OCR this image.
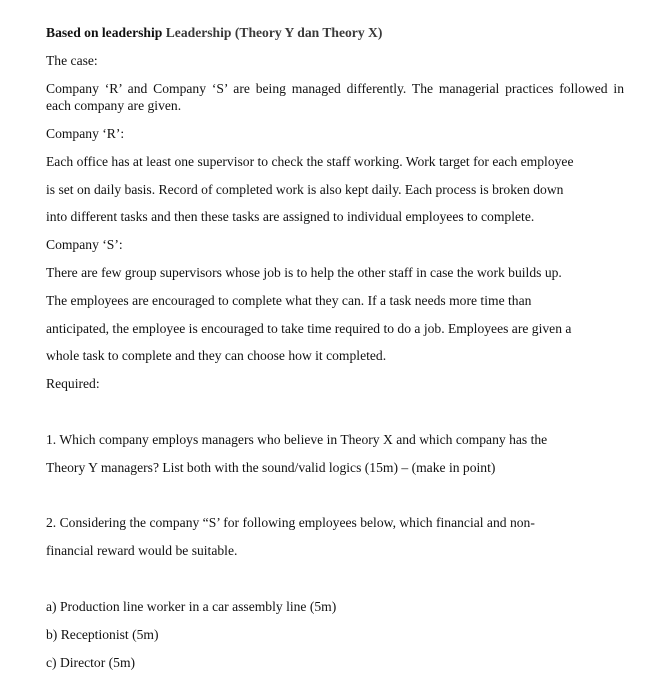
Based on leadership Leadership (Theory Y dan Theory X)
The case:
Company ‘R’ and Company ‘S’ are being managed differently. The managerial practices followed in
each company are given.
Company ‘R’:
Each office has at least one supervisor to check the staff working. Work target for each employee
is set on daily basis. Record of completed work is also kept daily. Each process is broken down
into different tasks and then these tasks are assigned to individual employees to complete.
Company ‘S’:
There are few group supervisors whose job is to help the other staff in case the work builds up.
The employees are encouraged to complete what they can. If a task needs more time than
anticipated, the employee is encouraged to take time required to do a job. Employees are given a
whole task to complete and they can choose how it completed.
Required:
1. Which company employs managers who believe in Theory X and which company has the
Theory Y managers? List both with the sound/valid logics (15m) – (make in point)
2. Considering the company “S’ for following employees below, which financial and non-
financial reward would be suitable.
a) Production line worker in a car assembly line (5m)
b) Receptionist (5m)
c) Director (5m)
